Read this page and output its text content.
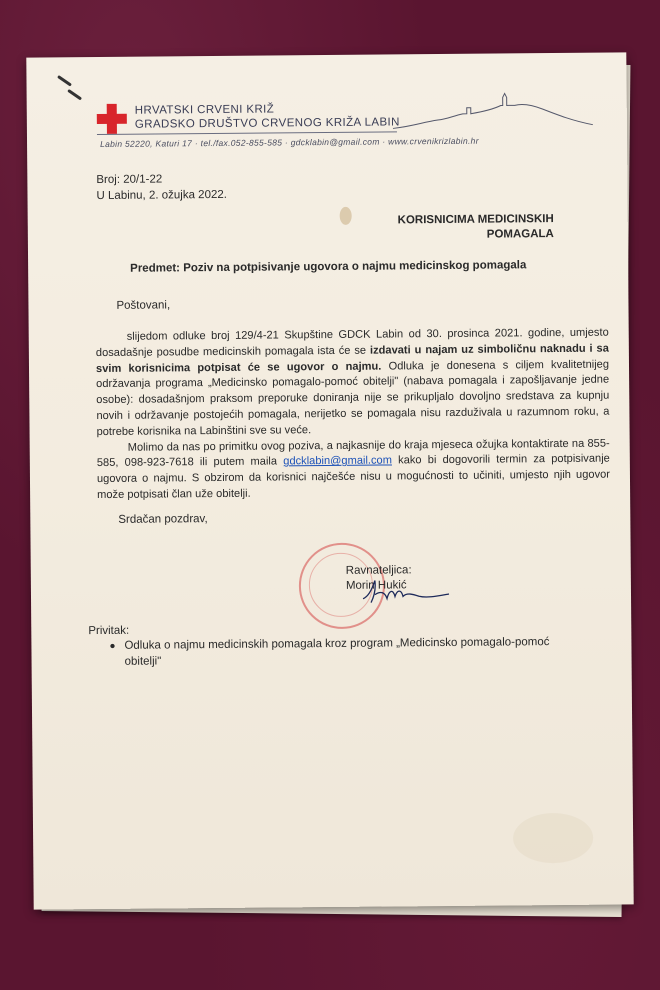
HRVATSKI CRVENI KRIŽ
GRADSKO DRUŠTVO CRVENOG KRIŽA LABIN
Labin 52220, Katuri 17 · tel./fax.052-855-585 · gdcklabin@gmail.com · www.crvenikrizlabin.hr
Broj: 20/1-22
U Labinu, 2. ožujka 2022.
KORISNICIMA MEDICINSKIH
POMAGALA
Predmet: Poziv na potpisivanje ugovora o najmu medicinskog pomagala
Poštovani,

slijedom odluke broj 129/4-21 Skupštine GDCK Labin od 30. prosinca 2021. godine, umjesto dosadašnje posudbe medicinskih pomagala ista će se izdavati u najam uz simboličnu naknadu i sa svim korisnicima potpisat će se ugovor o najmu. Odluka je donesena s ciljem kvalitetnijeg održavanja programa „Medicinsko pomagalo-pomoć obitelji" (nabava pomagala i zapošljavanje jedne osobe): dosadašnjom praksom preporuke doniranja nije se prikupljalo dovoljno sredstava za kupnju novih i održavanje postojećih pomagala, nerijetko se pomagala nisu razduživala u razumnom roku, a potrebe korisnika na Labinštini sve su veće.

Molimo da nas po primitku ovog poziva, a najkasnije do kraja mjeseca ožujka kontaktirate na 855-585, 098-923-7618 ili putem maila gdcklabin@gmail.com kako bi dogovorili termin za potpisivanje ugovora o najmu. S obzirom da korisnici najčešće nisu u mogućnosti to učiniti, umjesto njih ugovor može potpisati član uže obitelji.

Srdačan pozdrav,
Ravnateljica:
Morin Hukić
Privitak:
● Odluka o najmu medicinskih pomagala kroz program „Medicinsko pomagalo-pomoć obitelji"
